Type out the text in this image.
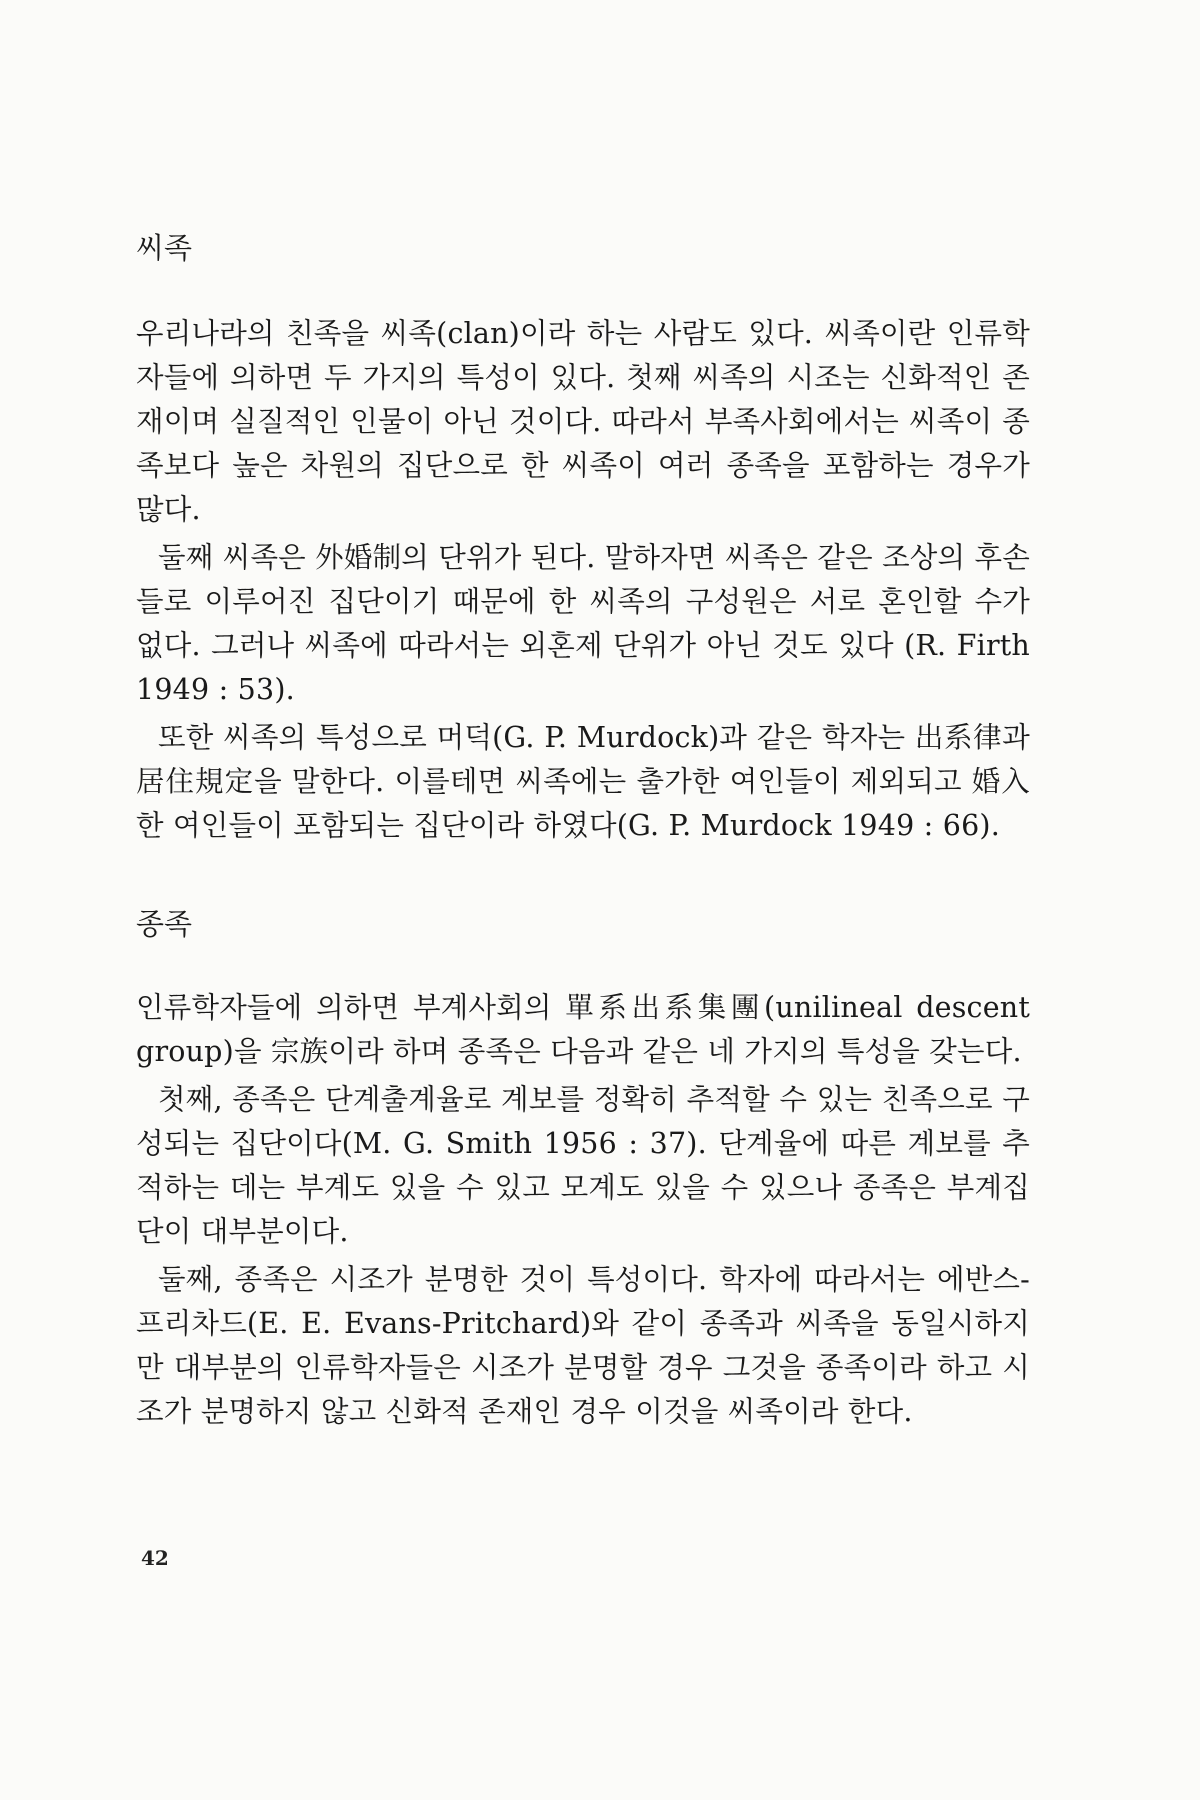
씨족

우리나라의 친족을 씨족(clan)이라 하는 사람도 있다. 씨족이란 인류학자들에 의하면 두 가지의 특성이 있다. 첫째 씨족의 시조는 신화적인 존재이며 실질적인 인물이 아닌 것이다. 따라서 부족사회에서는 씨족이 종족보다 높은 차원의 집단으로 한 씨족이 여러 종족을 포함하는 경우가 많다.

둘째 씨족은 外婚制의 단위가 된다. 말하자면 씨족은 같은 조상의 후손들로 이루어진 집단이기 때문에 한 씨족의 구성원은 서로 혼인할 수가 없다. 그러나 씨족에 따라서는 외혼제 단위가 아닌 것도 있다 (R. Firth 1949 : 53).

또한 씨족의 특성으로 머덕(G. P. Murdock)과 같은 학자는 出系律과 居住規定을 말한다. 이를테면 씨족에는 출가한 여인들이 제외되고 婚入한 여인들이 포함되는 집단이라 하였다(G. P. Murdock 1949 : 66).

종족

인류학자들에 의하면 부계사회의 單系出系集團(unilineal descent group)을 宗族이라 하며 종족은 다음과 같은 네 가지의 특성을 갖는다.

첫째, 종족은 단계출계율로 계보를 정확히 추적할 수 있는 친족으로 구성되는 집단이다(M. G. Smith 1956 : 37). 단계율에 따른 계보를 추적하는 데는 부계도 있을 수 있고 모계도 있을 수 있으나 종족은 부계집단이 대부분이다.

둘째, 종족은 시조가 분명한 것이 특성이다. 학자에 따라서는 에반스-프리차드(E. E. Evans-Pritchard)와 같이 종족과 씨족을 동일시하지만 대부분의 인류학자들은 시조가 분명할 경우 그것을 종족이라 하고 시조가 분명하지 않고 신화적 존재인 경우 이것을 씨족이라 한다.

42
